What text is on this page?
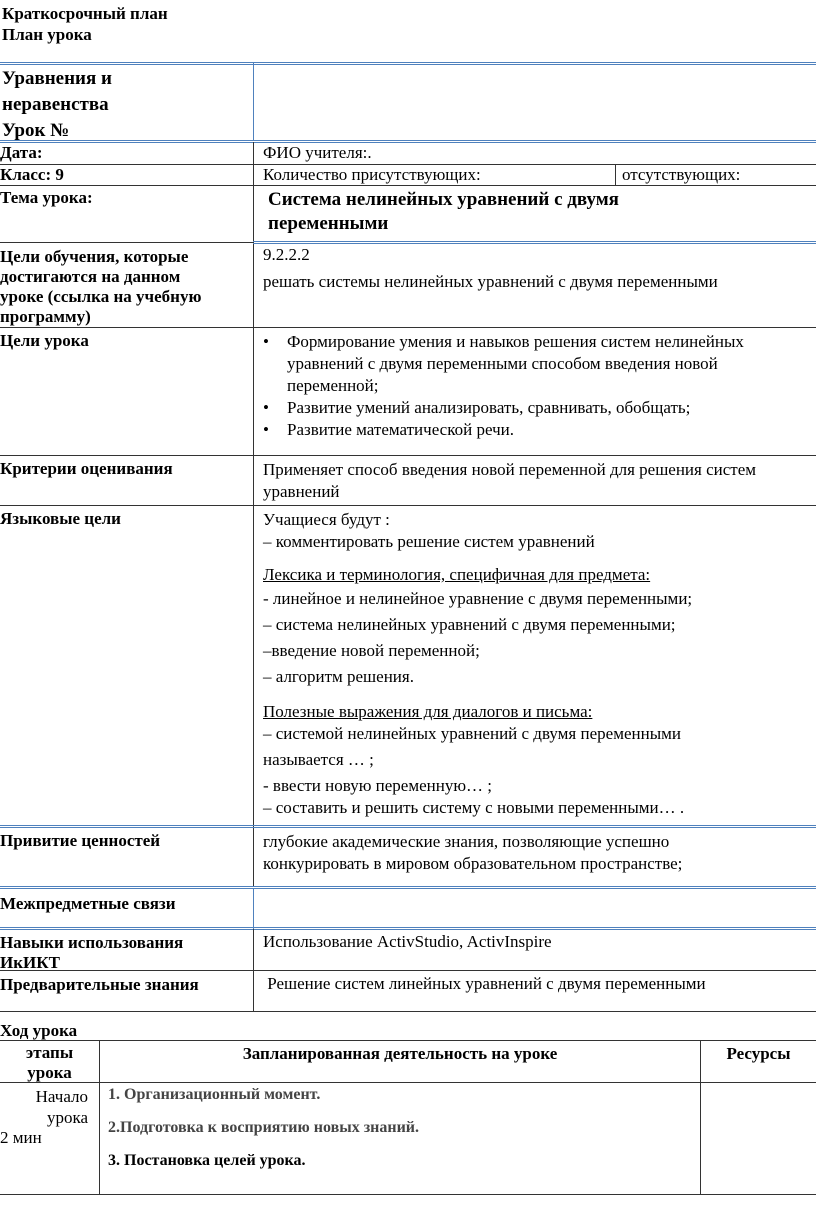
Краткосрочный план
План урока
Уравнения и
неравенства
Урок №
Дата:	ФИО учителя:.
Класс: 9	Количество присутствующих:	отсутствующих:
Тема урока:	Система нелинейных уравнений с двумя
переменными
Цели обучения, которые
достигаются на данном
уроке (ссылка на учебную
программу)
9.2.2.2
решать системы нелинейных уравнений с двумя переменными
Цели урока
•	Формирование умения и навыков решения систем нелинейных
уравнений с двумя переменными способом введения новой
переменной;
• Развитие умений анализировать, сравнивать, обобщать;
• Развитие математической речи.
Критерии оценивания	Применяет способ введения новой переменной для решения систем
уравнений
Языковые цели	Учащиеся будут :
– комментировать решение систем уравнений
Лексика и терминология, специфичная для предмета:
- линейное и нелинейное уравнение с двумя переменными;
– система нелинейных уравнений с двумя переменными;
–введение новой переменной;
– алгоритм решения.
Полезные выражения для диалогов и письма:
– системой нелинейных уравнений с двумя переменными
называется … ;
- ввести новую переменную… ;
– составить и решить систему с новыми переменными… .
Привитие ценностей	глубокие академические знания, позволяющие успешно
конкурировать в мировом образовательном пространстве;
Межпредметные связи
Навыки использования
ИкИКТ
Использование ActivStudio, ActivInspire
Предварительные знания	Решение систем линейных уравнений с двумя переменными
Ход урока
этапы
урока
Запланированная деятельность на уроке	Ресурсы
Начало
урока
2 мин
1. Организационный момент.
2.Подготовка к восприятию новых знаний.
3. Постановка целей урока.
